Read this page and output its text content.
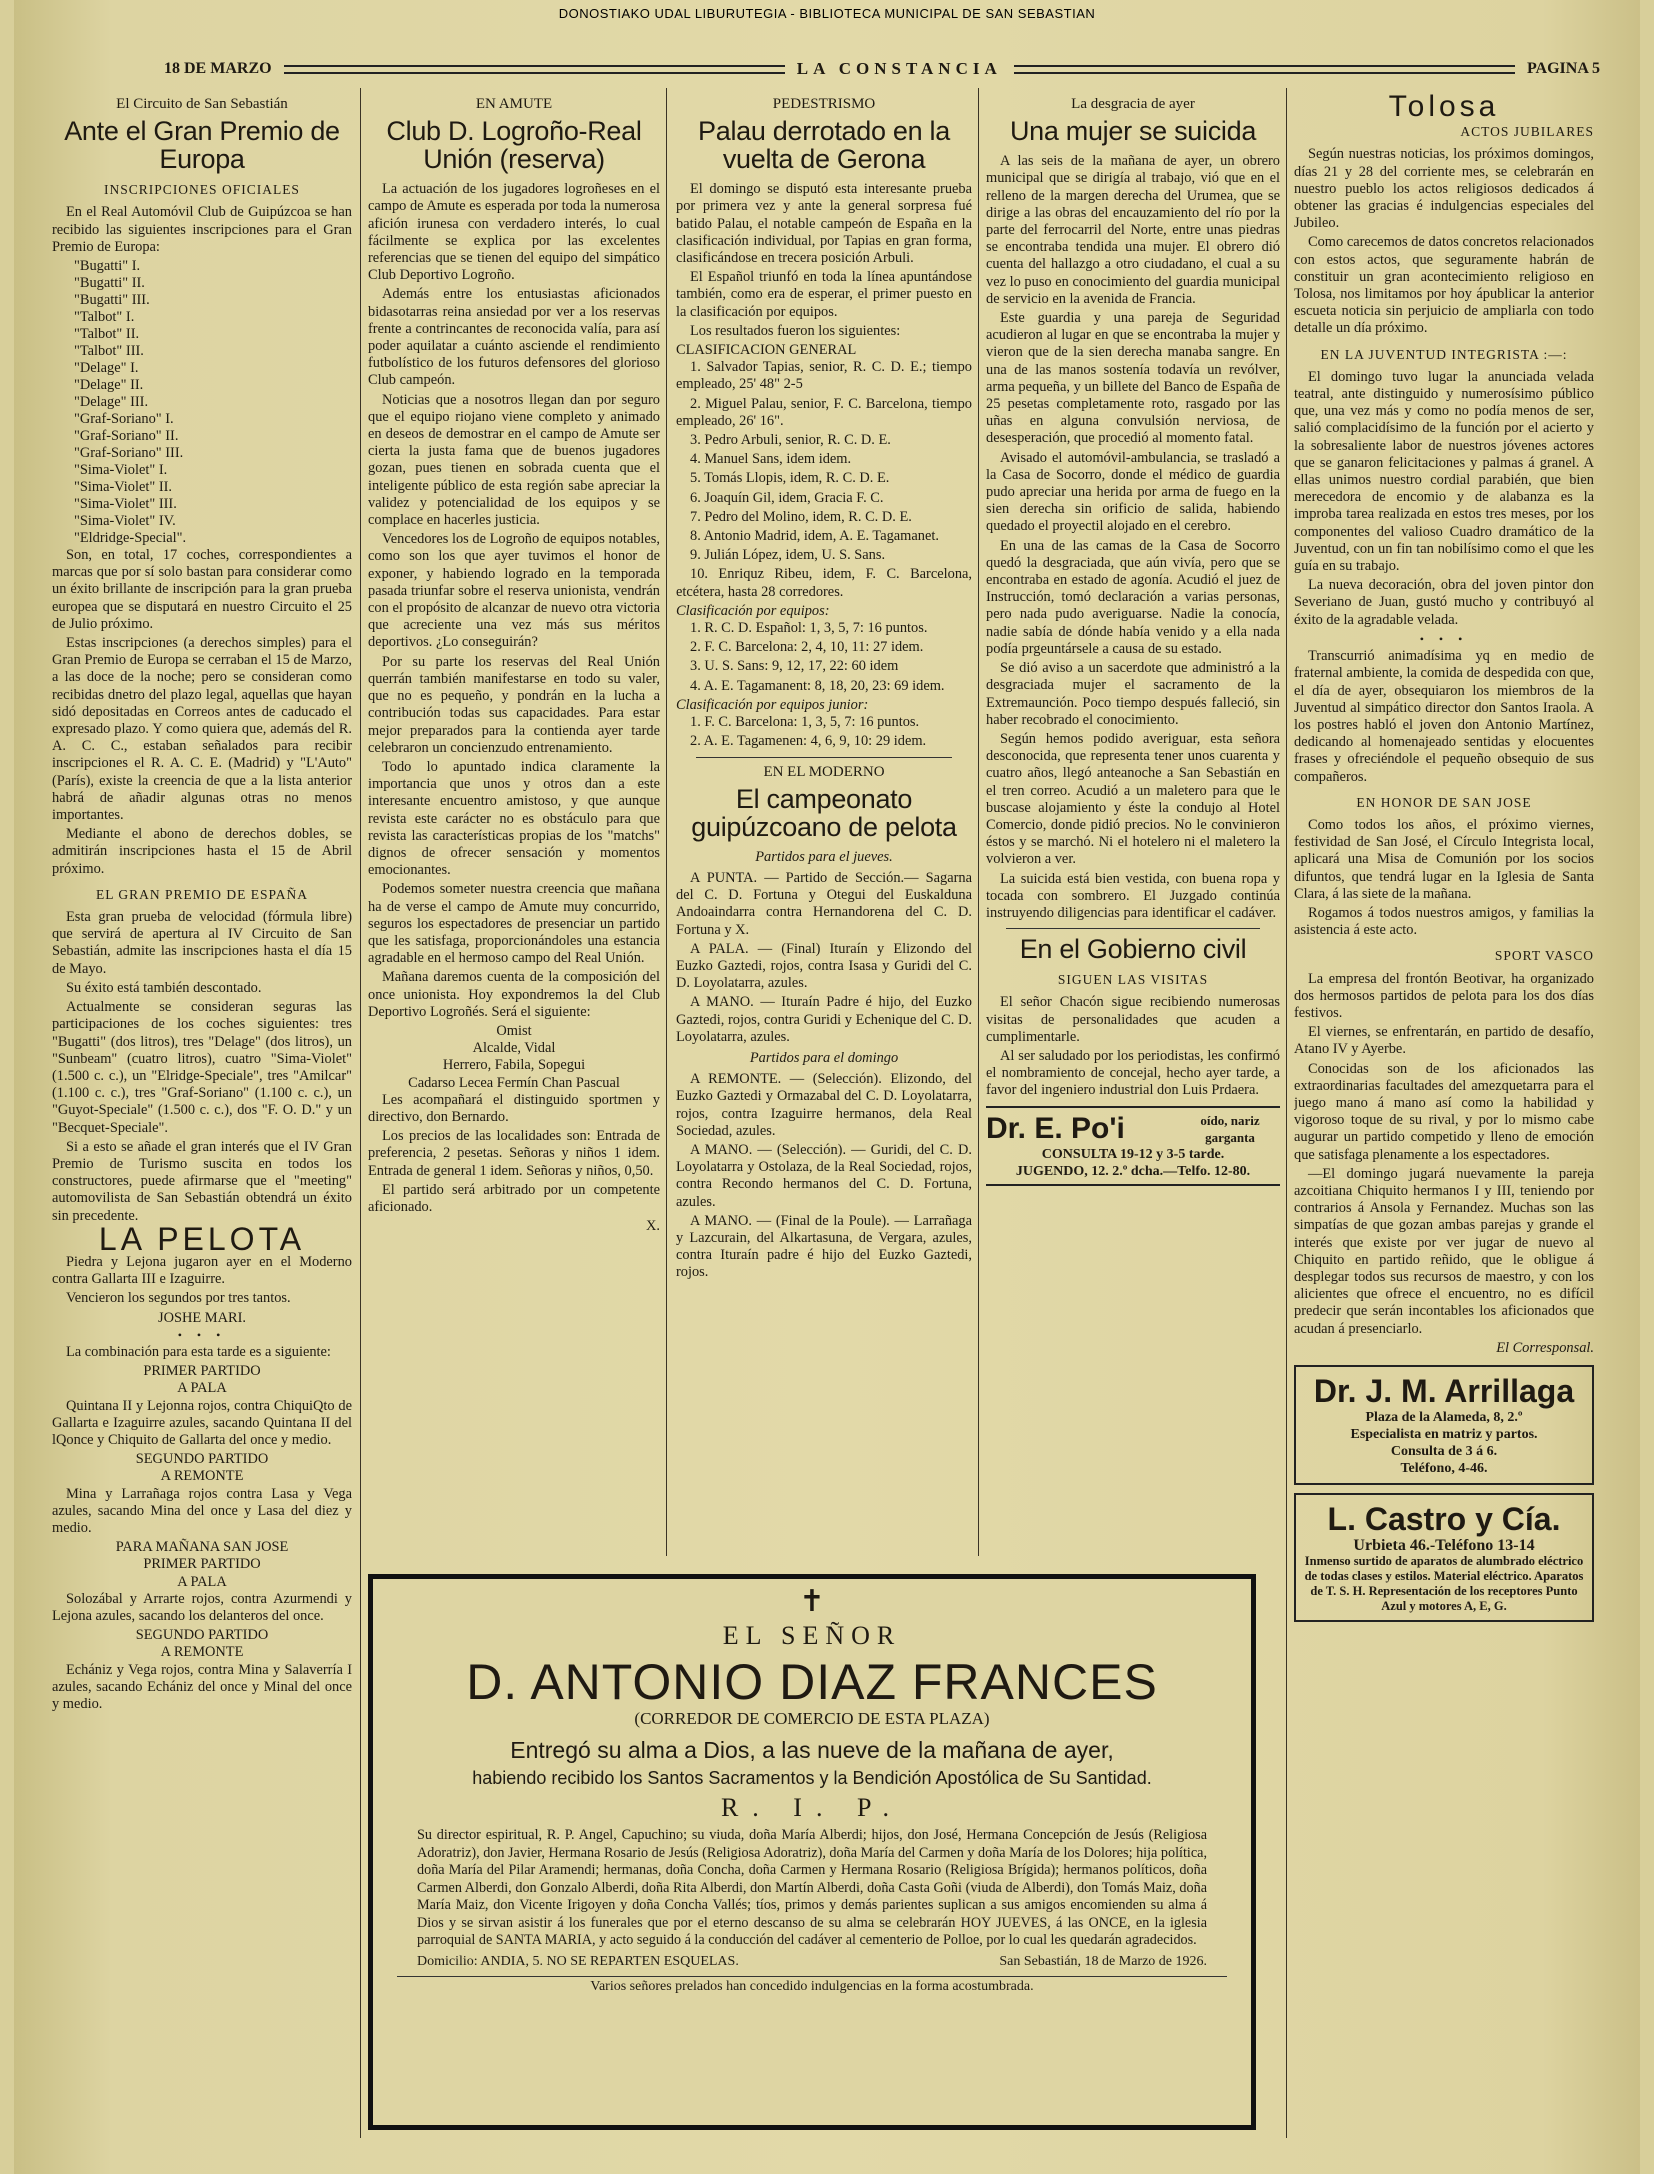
DONOSTIAKO UDAL LIBURUTEGIA - BIBLIOTECA MUNICIPAL DE SAN SEBASTIAN
18 DE MARZO	LA CONSTANCIA	PAGINA 5
El Circuito de San Sebastián
Ante el Gran Premio de Europa
INSCRIPCIONES OFICIALES

En el Real Automóvil Club de Guipúzcoa se han recibido las siguientes inscripciones para el Gran Premio de Europa:

"Bugatti" I.
"Bugatti" II.
"Bugatti" III.
"Talbot" I.
"Talbot" II.
"Talbot" III.
"Delage" I.
"Delage" II.
"Delage" III.
"Graf-Soriano" I.
"Graf-Soriano" II.
"Graf-Soriano" III.
"Sima-Violet" I.
"Sima-Violet" II.
"Sima-Violet" III.
"Sima-Violet" IV.
"Eldridge-Special".

Son, en total, 17 coches, correspondientes a marcas que por sí solo bastan para considerar como un éxito brillante de inscripción para la gran prueba europea que se disputará en nuestro Circuito el 25 de Julio próximo.

Estas inscripciones (a derechos simples) para el Gran Premio de Europa se cerraban el 15 de Marzo, a las doce de la noche; pero se consideran como recibidas dnetro del plazo legal, aquellas que hayan sidó depositadas en Correos antes de caducado el expresado plazo. Y como quiera que, además del R. A. C. C., estaban señalados para recibir inscripciones el R. A. C. E. (Madrid) y "L'Auto" (París), existe la creencia de que a la lista anterior habrá de añadir algunas otras no menos importantes.

Mediante el abono de derechos dobles, se admitirán inscripciones hasta el 15 de Abril próximo.

EL GRAN PREMIO DE ESPAÑA

Esta gran prueba de velocidad (fórmula libre) que servirá de apertura al IV Circuito de San Sebastián, admite las inscripciones hasta el día 15 de Mayo.

Su éxito está también descontado.

Actualmente se consideran seguras las participaciones de los coches siguientes: tres "Bugatti" (dos litros), tres "Delage" (dos litros), un "Sunbeam" (cuatro litros), cuatro "Sima-Violet" (1.500 c. c.), un "Elridge-Speciale", tres "Amilcar" (1.100 c. c.), tres "Graf-Soriano" (1.100 c. c.), un "Guyot-Speciale" (1.500 c. c.), dos "F. O. D." y un "Becquet-Speciale".

Si a esto se añade el gran interés que el IV Gran Premio de Turismo suscita en todos los constructores, puede afirmarse que el "meeting" automovilista de San Sebastián obtendrá un éxito sin precedente.

LA PELOTA

Piedra y Lejona jugaron ayer en el Moderno contra Gallarta III e Izaguirre.

Vencieron los segundos por tres tantos.

JOSHE MARI.
• • •

La combinación para esta tarde es a siguiente:

PRIMER PARTIDO
A PALA

Quintana II y Lejonna rojos, contra ChiquiQto de Gallarta e Izaguirre azules, sacando Quintana II del lQonce y Chiquito de Gallarta del once y medio.

SEGUNDO PARTIDO
A REMONTE

Mina y Larrañaga rojos contra Lasa y Vega azules, sacando Mina del once y Lasa del diez y medio.

PARA MAÑANA SAN JOSE
PRIMER PARTIDO
A PALA

Solozábal y Arrarte rojos, contra Azurmendi y Lejona azules, sacando los delanteros del once.

SEGUNDO PARTIDO
A REMONTE

Echániz y Vega rojos, contra Mina y Salaverría I azules, sacando Echániz del once y Minal del once y medio.

EN AMUTE
Club D. Logroño-Real Unión (reserva)

La actuación de los jugadores logroñeses en el campo de Amute es esperada por toda la numerosa afición irunesa con verdadero interés, lo cual fácilmente se explica por las excelentes referencias que se tienen del equipo del simpático Club Deportivo Logroño.

Además entre los entusiastas aficionados bidasotarras reina ansiedad por ver a los reservas frente a contrincantes de reconocida valía, para así poder aquilatar a cuánto asciende el rendimiento futbolístico de los futuros defensores del glorioso Club campeón.

Noticias que a nosotros llegan dan por seguro que el equipo riojano viene completo y animado en deseos de demostrar en el campo de Amute ser cierta la justa fama que de buenos jugadores gozan, pues tienen en sobrada cuenta que el inteligente público de esta región sabe apreciar la validez y potencialidad de los equipos y se complace en hacerles justicia.

Vencedores los de Logroño de equipos notables, como son los que ayer tuvimos el honor de exponer, y habiendo logrado en la temporada pasada triunfar sobre el reserva unionista, vendrán con el propósito de alcanzar de nuevo otra victoria que acreciente una vez más sus méritos deportivos. ¿Lo conseguirán?

Por su parte los reservas del Real Unión querrán también manifestarse en todo su valer, que no es pequeño, y pondrán en la lucha a contribución todas sus capacidades. Para estar mejor preparados para la contienda ayer tarde celebraron un concienzudo entrenamiento.

Todo lo apuntado indica claramente la importancia que unos y otros dan a este interesante encuentro amistoso, y que aunque revista este carácter no es obstáculo para que revista las características propias de los "matchs" dignos de ofrecer sensación y momentos emocionantes.

Podemos someter nuestra creencia que mañana ha de verse el campo de Amute muy concurrido, seguros los espectadores de presenciar un partido que les satisfaga, proporcionándoles una estancia agradable en el hermoso campo del Real Unión.

Mañana daremos cuenta de la composición del once unionista. Hoy expondremos la del Club Deportivo Logroñés. Será el siguiente:

Omist
Alcalde, Vidal
Herrero, Fabila, Sopegui
Cadarso Lecea Fermín Chan Pascual

Les acompañará el distinguido sportmen y directivo, don Bernardo.

Los precios de las localidades son: Entrada de preferencia, 2 pesetas. Señoras y niños 1 idem. Entrada de general 1 idem. Señoras y niños, 0,50.

El partido será arbitrado por un competente aficionado.

X.
PEDESTRISMO
Palau derrotado en la vuelta de Gerona

El domingo se disputó esta interesante prueba por primera vez y ante la general sorpresa fué batido Palau, el notable campeón de España en la clasificación individual, por Tapias en gran forma, clasificándose en trecera posición Arbuli.

El Español triunfó en toda la línea apuntándose también, como era de esperar, el primer puesto en la clasificación por equipos.

Los resultados fueron los siguientes:

CLASIFICACION GENERAL

1. Salvador Tapias, senior, R. C. D. E.; tiempo empleado, 25' 48" 2-5

2. Miguel Palau, senior, F. C. Barcelona, tiempo empleado, 26' 16".

3. Pedro Arbuli, senior, R. C. D. E.

4. Manuel Sans, idem idem.

5. Tomás Llopis, idem, R. C. D. E.

6. Joaquín Gil, idem, Gracia F. C.

7. Pedro del Molino, idem, R. C. D. E.

8. Antonio Madrid, idem, A. E. Tagamanet.

9. Julián López, idem, U. S. Sans.

10. Enriquz Ribeu, idem, F. C. Barcelona, etcétera, hasta 28 corredores.

Clasificación por equipos:

1. R. C. D. Español: 1, 3, 5, 7: 16 puntos.

2. F. C. Barcelona: 2, 4, 10, 11: 27 idem.

3. U. S. Sans: 9, 12, 17, 22: 60 idem

4. A. E. Tagamanent: 8, 18, 20, 23: 69 idem.

Clasificación por equipos junior:

1. F. C. Barcelona: 1, 3, 5, 7: 16 puntos.

2. A. E. Tagamenen: 4, 6, 9, 10: 29 idem.

EN EL MODERNO
El campeonato guipúzcoano de pelota
Partidos para el jueves.

A PUNTA. — Partido de Sección.— Sagarna del C. D. Fortuna y Otegui del Euskalduna Andoaindarra contra Hernandorena del C. D. Fortuna y X.

A PALA. — (Final) Ituraín y Elizondo del Euzko Gaztedi, rojos, contra Isasa y Guridi del C. D. Loyolatarra, azules.

A MANO. — Ituraín Padre é hijo, del Euzko Gaztedi, rojos, contra Guridi y Echenique del C. D. Loyolatarra, azules.

Partidos para el domingo

A REMONTE. — (Selección). Elizondo, del Euzko Gaztedi y Ormazabal del C. D. Loyolatarra, rojos, contra Izaguirre hermanos, dela Real Sociedad, azules.

A MANO. — (Selección). — Guridi, del C. D. Loyolatarra y Ostolaza, de la Real Sociedad, rojos, contra Recondo hermanos del C. D. Fortuna, azules.

A MANO. — (Final de la Poule). — Larrañaga y Lazcurain, del Alkartasuna, de Vergara, azules, contra Ituraín padre é hijo del Euzko Gaztedi, rojos.

La desgracia de ayer
Una mujer se suicida

A las seis de la mañana de ayer, un obrero municipal que se dirigía al trabajo, vió que en el relleno de la margen derecha del Urumea, que se dirige a las obras del encauzamiento del río por la parte del ferrocarril del Norte, entre unas piedras se encontraba tendida una mujer. El obrero dió cuenta del hallazgo a otro ciudadano, el cual a su vez lo puso en conocimiento del guardia municipal de servicio en la avenida de Francia.

Este guardia y una pareja de Seguridad acudieron al lugar en que se encontraba la mujer y vieron que de la sien derecha manaba sangre. En una de las manos sostenía todavía un revólver, arma pequeña, y un billete del Banco de España de 25 pesetas completamente roto, rasgado por las uñas en alguna convulsión nerviosa, de desesperación, que procedió al momento fatal.

Avisado el automóvil-ambulancia, se trasladó a la Casa de Socorro, donde el médico de guardia pudo apreciar una herida por arma de fuego en la sien derecha sin orificio de salida, habiendo quedado el proyectil alojado en el cerebro.

En una de las camas de la Casa de Socorro quedó la desgraciada, que aún vivía, pero que se encontraba en estado de agonía. Acudió el juez de Instrucción, tomó declaración a varias personas, pero nada pudo averiguarse. Nadie la conocía, nadie sabía de dónde había venido y a ella nada podía prgeuntársele a causa de su estado.

Se dió aviso a un sacerdote que administró a la desgraciada mujer el sacramento de la Extremaunción. Poco tiempo después falleció, sin haber recobrado el conocimiento.

Según hemos podido averiguar, esta señora desconocida, que representa tener unos cuarenta y cuatro años, llegó anteanoche a San Sebastián en el tren correo. Acudió a un maletero para que le buscase alojamiento y éste la condujo al Hotel Comercio, donde pidió precios. No le convinieron éstos y se marchó. Ni el hotelero ni el maletero la volvieron a ver.

La suicida está bien vestida, con buena ropa y tocada con sombrero. El Juzgado continúa instruyendo diligencias para identificar el cadáver.

En el Gobierno civil
SIGUEN LAS VISITAS

El señor Chacón sigue recibiendo numerosas visitas de personalidades que acuden a cumplimentarle.

Al ser saludado por los periodistas, les confirmó el nombramiento de concejal, hecho ayer tarde, a favor del ingeniero industrial don Luis Prdaera.

Dr. E. Po'i	oído, nariz garganta
CONSULTA 19-12 y 3-5 tarde.
JUGENDO, 12. 2.º dcha.—Telfo. 12-80.
Tolosa
ACTOS JUBILARES

Según nuestras noticias, los próximos domingos, días 21 y 28 del corriente mes, se celebrarán en nuestro pueblo los actos religiosos dedicados á obtener las gracias é indulgencias especiales del Jubileo.

Como carecemos de datos concretos relacionados con estos actos, que seguramente habrán de constituir un gran acontecimiento religioso en Tolosa, nos limitamos por hoy ápublicar la anterior escueta noticia sin perjuicio de ampliarla con todo detalle un día próximo.

EN LA JUVENTUD INTEGRISTA :—:

El domingo tuvo lugar la anunciada velada teatral, ante distinguido y numerosísimo público que, una vez más y como no podía menos de ser, salió complacidísimo de la función por el acierto y la sobresaliente labor de nuestros jóvenes actores que se ganaron felicitaciones y palmas á granel. A ellas unimos nuestro cordial parabién, que bien merecedora de encomio y de alabanza es la improba tarea realizada en estos tres meses, por los componentes del valioso Cuadro dramático de la Juventud, con un fin tan nobilísimo como el que les guía en su trabajo.

La nueva decoración, obra del joven pintor don Severiano de Juan, gustó mucho y contribuyó al éxito de la agradable velada.

• • •

Transcurrió animadísima yq en medio de fraternal ambiente, la comida de despedida con que, el día de ayer, obsequiaron los miembros de la Juventud al simpático director don Santos Iraola. A los postres habló el joven don Antonio Martínez, dedicando al homenajeado sentidas y elocuentes frases y ofreciéndole el pequeño obsequio de sus compañeros.

EN HONOR DE SAN JOSE

Como todos los años, el próximo viernes, festividad de San José, el Círculo Integrista local, aplicará una Misa de Comunión por los socios difuntos, que tendrá lugar en la Iglesia de Santa Clara, á las siete de la mañana.

Rogamos á todos nuestros amigos, y familias la asistencia á este acto.

SPORT VASCO

La empresa del frontón Beotivar, ha organizado dos hermosos partidos de pelota para los dos días festivos.

El viernes, se enfrentarán, en partido de desafío, Atano IV y Ayerbe.

Conocidas son de los aficionados las extraordinarias facultades del amezquetarra para el juego mano á mano así como la habilidad y vigoroso toque de su rival, y por lo mismo cabe augurar un partido competido y lleno de emoción que satisfaga plenamente a los espectadores.

—El domingo jugará nuevamente la pareja azcoitiana Chiquito hermanos I y III, teniendo por contrarios á Ansola y Fernandez. Muchas son las simpatías de que gozan ambas parejas y grande el interés que existe por ver jugar de nuevo al Chiquito en partido reñido, que le obligue á desplegar todos sus recursos de maestro, y con los alicientes que ofrece el encuentro, no es difícil predecir que serán incontables los aficionados que acudan á presenciarlo.

El Corresponsal.
Dr. J. M. Arrillaga
Plaza de la Alameda, 8, 2.º
Especialista en matriz y partos.
Consulta de 3 á 6.
Teléfono, 4-46.
L. Castro y Cía.
Urbieta 46.-Teléfono 13-14
Inmenso surtido de aparatos de alumbrado eléctrico de todas clases y estilos. Material eléctrico. Aparatos de T. S. H. Representación de los receptores Punto Azul y motores A, E, G.
✝
EL SEÑOR
D. ANTONIO DIAZ FRANCES
(CORREDOR DE COMERCIO DE ESTA PLAZA)
Entregó su alma a Dios, a las nueve de la mañana de ayer,
habiendo recibido los Santos Sacramentos y la Bendición Apostólica de Su Santidad.
R. I. P.
Su director espiritual, R. P. Angel, Capuchino; su viuda, doña María Alberdi; hijos, don José, Hermana Concepción de Jesús (Religiosa Adoratriz), don Javier, Hermana Rosario de Jesús (Religiosa Adoratriz), doña María del Carmen y doña María de los Dolores; hija política, doña María del Pilar Aramendi; hermanas, doña Concha, doña Carmen y Hermana Rosario (Religiosa Brígida); hermanos políticos, doña Carmen Alberdi, don Gonzalo Alberdi, doña Rita Alberdi, don Martín Alberdi, doña Casta Goñi (viuda de Alberdi), don Tomás Maiz, doña María Maiz, don Vicente Irigoyen y doña Concha Vallés; tíos, primos y demás parientes suplican a sus amigos encomienden su alma á Dios y se sirvan asistir á los funerales que por el eterno descanso de su alma se celebrarán HOY JUEVES, á las ONCE, en la iglesia parroquial de SANTA MARIA, y acto seguido á la conducción del cadáver al cementerio de Polloe, por lo cual les quedarán agradecidos.
Domicilio: ANDIA, 5. NO SE REPARTEN ESQUELAS.	San Sebastián, 18 de Marzo de 1926.
Varios señores prelados han concedido indulgencias en la forma acostumbrada.
